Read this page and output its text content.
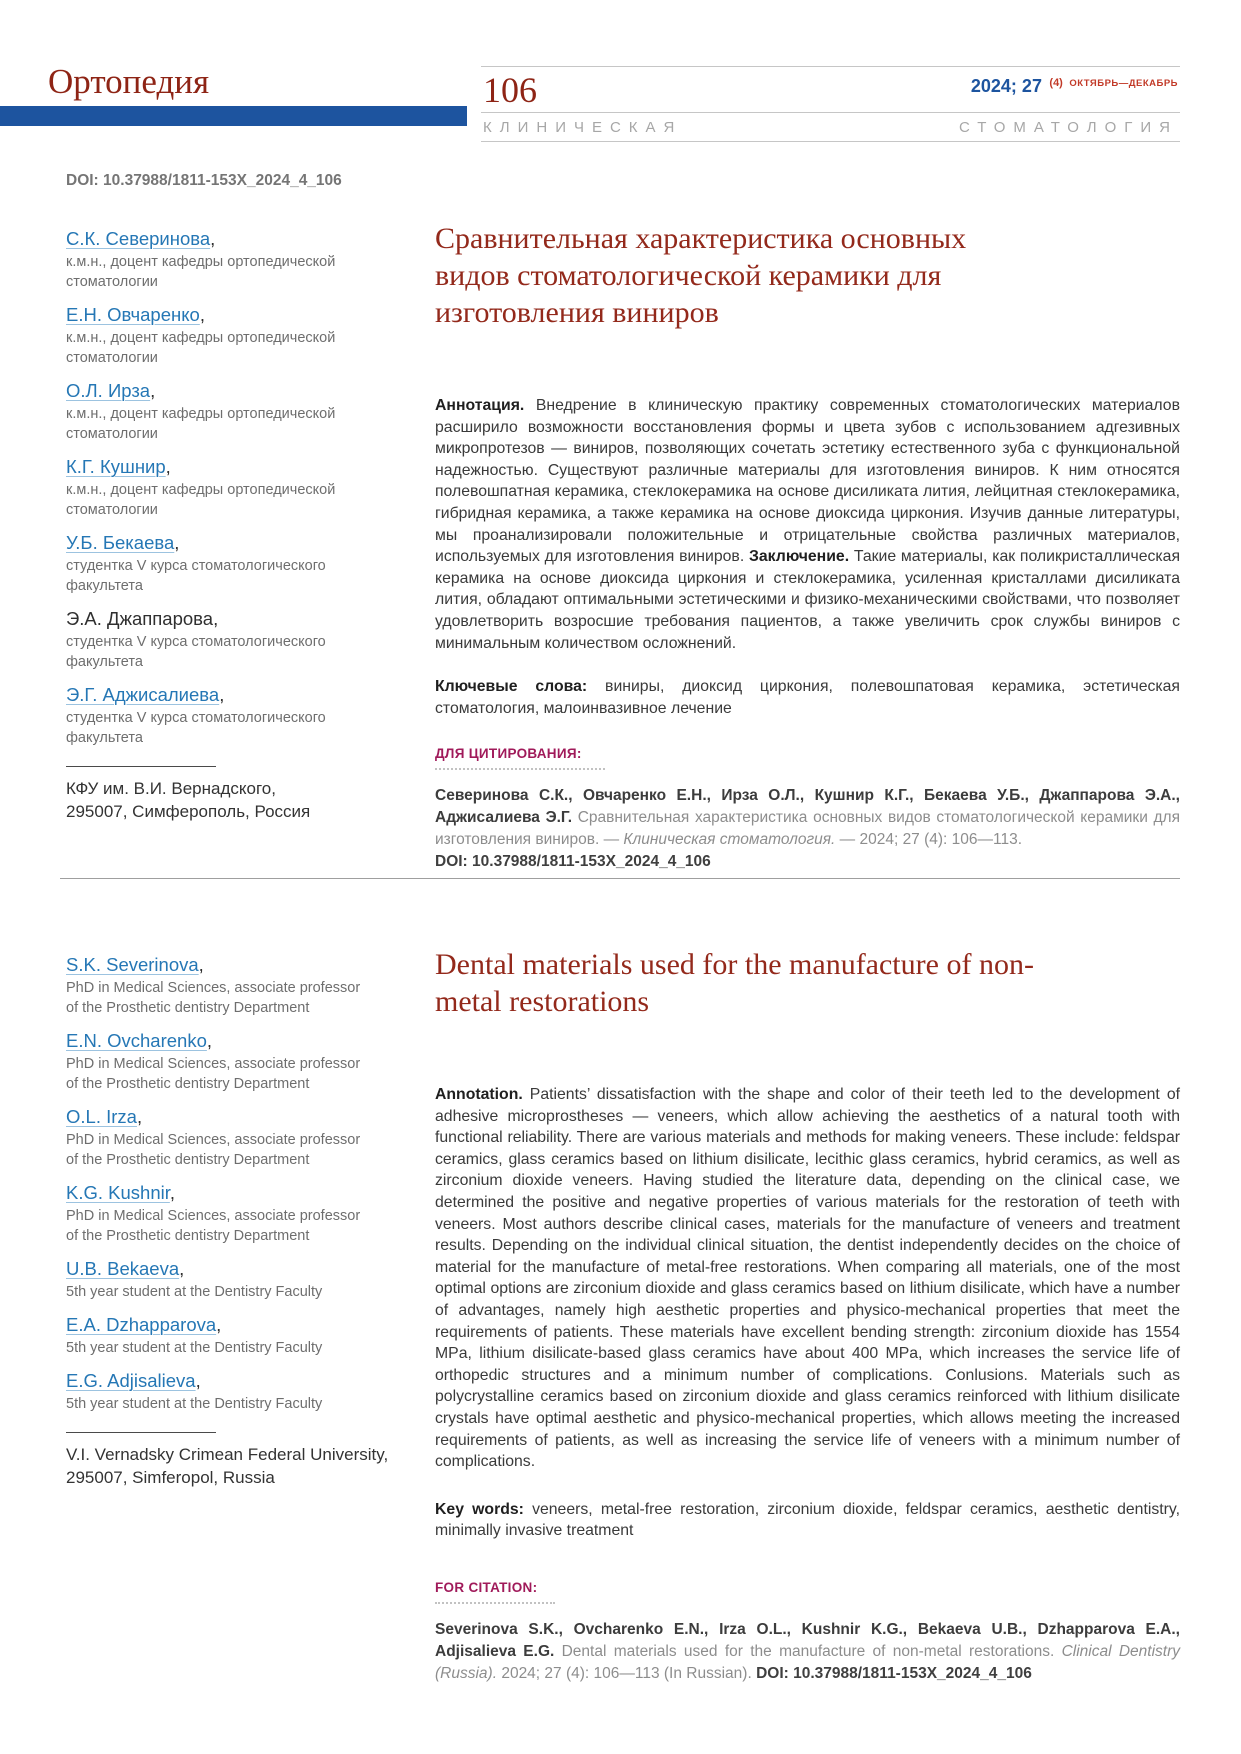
Ортопедия	106	2024; 27 $^{(4)}$ $^{ОКТЯБРЬ—ДЕКАБРЬ}$
КЛИНИЧЕСКАЯ	СТОМАТОЛОГИЯ
DOI: 10.37988/1811-153X_2024_4_106
С.К. Северинова,
к.м.н., доцент кафедры ортопедической стоматологии
Е.Н. Овчаренко,
к.м.н., доцент кафедры ортопедической стоматологии
О.Л. Ирза,
к.м.н., доцент кафедры ортопедической стоматологии
К.Г. Кушнир,
к.м.н., доцент кафедры ортопедической стоматологии
У.Б. Бекаева,
студентка V курса стоматологического факультета
Э.А. Джаппарова,
студентка V курса стоматологического факультета
Э.Г. Аджисалиева,
студентка V курса стоматологического факультета
КФУ им. В.И. Вернадского,
295007, Симферополь, Россия
Сравнительная характеристика основных видов стоматологической керамики для изготовления виниров
Аннотация. Внедрение в клиническую практику современных стоматологических материалов расширило возможности восстановления формы и цвета зубов с использованием адгезивных микропротезов — виниров, позволяющих сочетать эстетику естественного зуба с функциональной надежностью. Существуют различные материалы для изготовления виниров. К ним относятся полевошпатная керамика, стеклокерамика на основе дисиликата лития, лейцитная стеклокерамика, гибридная керамика, а также керамика на основе диоксида циркония. Изучив данные литературы, мы проанализировали положительные и отрицательные свойства различных материалов, используемых для изготовления виниров. Заключение. Такие материалы, как поликристаллическая керамика на основе диоксида циркония и стеклокерамика, усиленная кристаллами дисиликата лития, обладают оптимальными эстетическими и физико-механическими свойствами, что позволяет удовлетворить возросшие требования пациентов, а также увеличить срок службы виниров с минимальным количеством осложнений.
Ключевые слова: виниры, диоксид циркония, полевошпатовая керамика, эстетическая стоматология, малоинвазивное лечение
ДЛЯ ЦИТИРОВАНИЯ:
Северинова С.К., Овчаренко Е.Н., Ирза О.Л., Кушнир К.Г., Бекаева У.Б., Джаппарова Э.А., Аджисалиева Э.Г. Сравнительная характеристика основных видов стоматологической керамики для изготовления виниров. — Клиническая стоматология. — 2024; 27 (4): 106—113.
DOI: 10.37988/1811-153X_2024_4_106
S.K. Severinova,
PhD in Medical Sciences, associate professor of the Prosthetic dentistry Department
E.N. Ovcharenko,
PhD in Medical Sciences, associate professor of the Prosthetic dentistry Department
O.L. Irza,
PhD in Medical Sciences, associate professor of the Prosthetic dentistry Department
K.G. Kushnir,
PhD in Medical Sciences, associate professor of the Prosthetic dentistry Department
U.B. Bekaeva,
5th year student at the Dentistry Faculty
E.A. Dzhapparova,
5th year student at the Dentistry Faculty
E.G. Adjisalieva,
5th year student at the Dentistry Faculty
V.I. Vernadsky Crimean Federal University,
295007, Simferopol, Russia
Dental materials used for the manufacture of non-metal restorations
Annotation. Patients’ dissatisfaction with the shape and color of their teeth led to the development of adhesive microprostheses — veneers, which allow achieving the aesthetics of a natural tooth with functional reliability. There are various materials and methods for making veneers. These include: feldspar ceramics, glass ceramics based on lithium disilicate, lecithic glass ceramics, hybrid ceramics, as well as zirconium dioxide veneers. Having studied the literature data, depending on the clinical case, we determined the positive and negative properties of various materials for the restoration of teeth with veneers. Most authors describe clinical cases, materials for the manufacture of veneers and treatment results. Depending on the individual clinical situation, the dentist independently decides on the choice of material for the manufacture of metal-free restorations. When comparing all materials, one of the most optimal options are zirconium dioxide and glass ceramics based on lithium disilicate, which have a number of advantages, namely high aesthetic properties and physico-mechanical properties that meet the requirements of patients. These materials have excellent bending strength: zirconium dioxide has 1554 MPa, lithium disilicate-based glass ceramics have about 400 MPa, which increases the service life of orthopedic structures and a minimum number of complications. Conlusions. Materials such as polycrystalline ceramics based on zirconium dioxide and glass ceramics reinforced with lithium disilicate crystals have optimal aesthetic and physico-mechanical properties, which allows meeting the increased requirements of patients, as well as increasing the service life of veneers with a minimum number of complications.
Key words: veneers, metal-free restoration, zirconium dioxide, feldspar ceramics, aesthetic dentistry, minimally invasive treatment
FOR CITATION:
Severinova S.K., Ovcharenko E.N., Irza O.L., Kushnir K.G., Bekaeva U.B., Dzhapparova E.A., Adjisalieva E.G. Dental materials used for the manufacture of non-metal restorations. Clinical Dentistry (Russia). 2024; 27 (4): 106—113 (In Russian). DOI: 10.37988/1811-153X_2024_4_106
